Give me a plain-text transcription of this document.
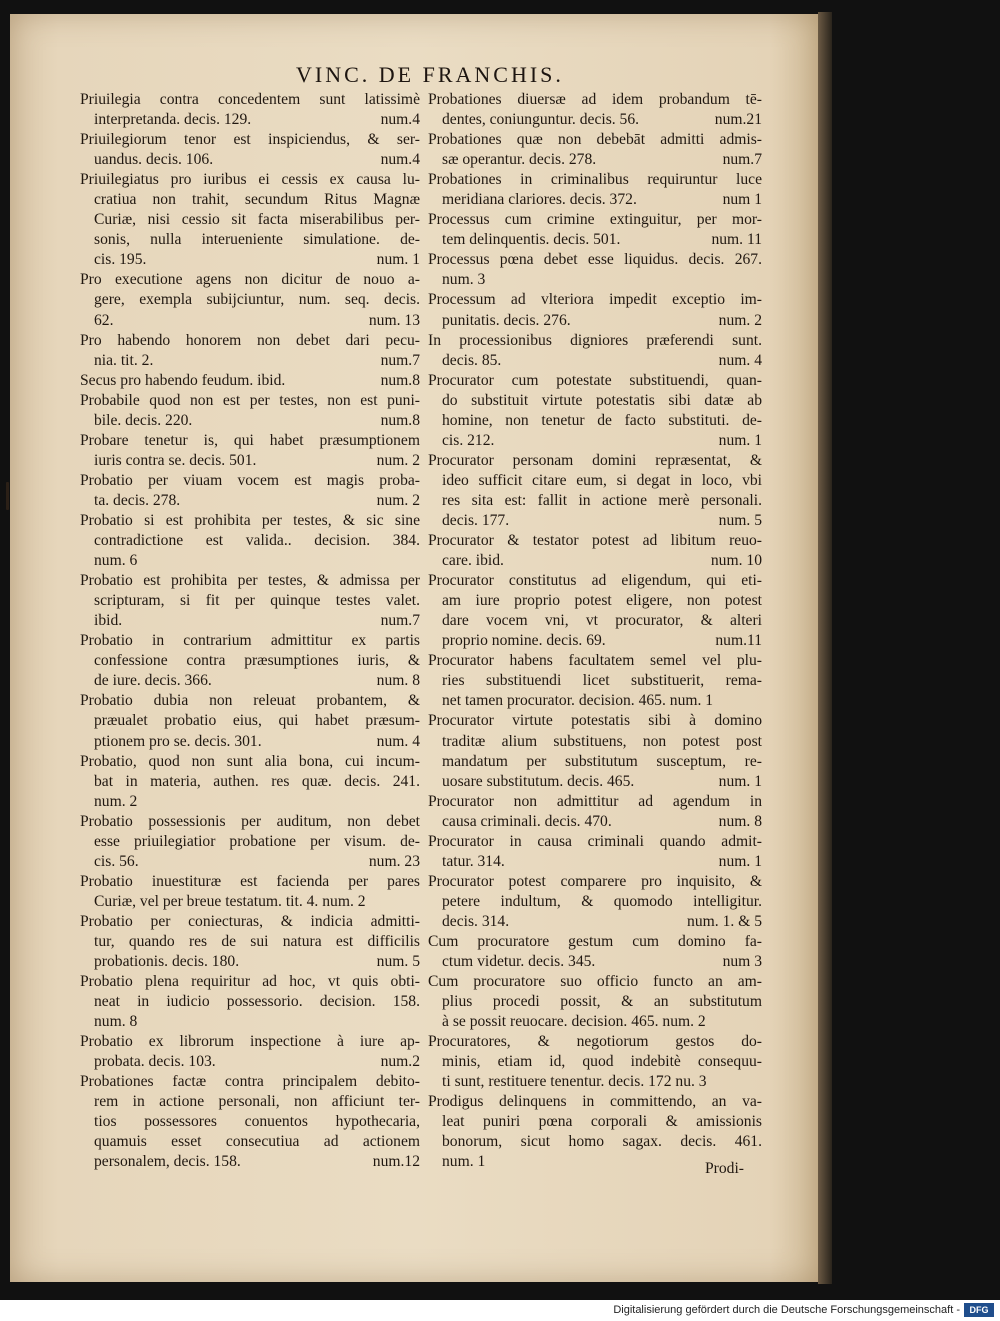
VINC. DE FRANCHIS.
Priuilegia contra concedentem sunt latissimè
interpretanda. decis. 129.	num.4
Priuilegiorum tenor est inspiciendus, & ser-
uandus. decis. 106.	num.4
Priuilegiatus pro iuribus ei cessis ex causa lu-
cratiua non trahit, secundum Ritus Magnæ
Curiæ, nisi cessio sit facta miserabilibus per-
sonis, nulla interueniente simulatione. de-
cis. 195.	num. 1
Pro executione agens non dicitur de nouo a-
gere, exempla subijciuntur, num. seq. decis.
62.	num. 13
Pro habendo honorem non debet dari pecu-
nia. tit. 2.	num.7
Secus pro habendo feudum. ibid.	num.8
Probabile quod non est per testes, non est puni-
bile. decis. 220.	num.8
Probare tenetur is, qui habet præsumptionem
iuris contra se. decis. 501.	num. 2
Probatio per viuam vocem est magis proba-
ta. decis. 278.	num. 2
Probatio si est prohibita per testes, & sic sine
contradictione est valida.. decision. 384.
num. 6
Probatio est prohibita per testes, & admissa per
scripturam, si fit per quinque testes valet.
ibid.	num.7
Probatio in contrarium admittitur ex partis
confessione contra præsumptiones iuris, &
de iure. decis. 366.	num. 8
Probatio dubia non releuat probantem, &
præualet probatio eius, qui habet præsum-
ptionem pro se. decis. 301.	num. 4
Probatio, quod non sunt alia bona, cui incum-
bat in materia, authen. res quæ. decis. 241.
num. 2
Probatio possessionis per auditum, non debet
esse priuilegiatior probatione per visum. de-
cis. 56.	num. 23
Probatio inuestituræ est facienda per pares
Curiæ, vel per breue testatum. tit. 4. num. 2
Probatio per coniecturas, & indicia admitti-
tur, quando res de sui natura est difficilis
probationis. decis. 180.	num. 5
Probatio plena requiritur ad hoc, vt quis obti-
neat in iudicio possessorio. decision. 158.
num. 8
Probatio ex librorum inspectione à iure ap-
probata. decis. 103.	num.2
Probationes factæ contra principalem debito-
rem in actione personali, non afficiunt ter-
tios possessores conuentos hypothecaria,
quamuis esset consecutiua ad actionem
personalem, decis. 158.	num.12
Probationes diuersæ ad idem probandum tē-
dentes, coniunguntur. decis. 56.	num.21
Probationes quæ non debebāt admitti admis-
sæ operantur. decis. 278.	num.7
Probationes in criminalibus requiruntur luce
meridiana clariores. decis. 372.	num 1
Processus cum crimine extinguitur, per mor-
tem delinquentis. decis. 501.	num. 11
Processus pœna debet esse liquidus. decis. 267.
num. 3
Processum ad vlteriora impedit exceptio im-
punitatis. decis. 276.	num. 2
In processionibus digniores præferendi sunt.
decis. 85.	num. 4
Procurator cum potestate substituendi, quan-
do substituit virtute potestatis sibi datæ ab
homine, non tenetur de facto substituti. de-
cis. 212.	num. 1
Procurator personam domini repræsentat, &
ideo sufficit citare eum, si degat in loco, vbi
res sita est: fallit in actione merè personali.
decis. 177.	num. 5
Procurator & testator potest ad libitum reuo-
care. ibid.	num. 10
Procurator constitutus ad eligendum, qui eti-
am iure proprio potest eligere, non potest
dare vocem vni, vt procurator, & alteri
proprio nomine. decis. 69.	num.11
Procurator habens facultatem semel vel plu-
ries substituendi licet substituerit, rema-
net tamen procurator. decision. 465. num. 1
Procurator virtute potestatis sibi à domino
traditæ alium substituens, non potest post
mandatum per substitutum susceptum, re-
uosare substitutum. decis. 465.	num. 1
Procurator non admittitur ad agendum in
causa criminali. decis. 470.	num. 8
Procurator in causa criminali quando admit-
tatur. 314.	num. 1
Procurator potest comparere pro inquisito, &
petere indultum, & quomodo intelligitur.
decis. 314.	num. 1. & 5
Cum procuratore gestum cum domino fa-
ctum videtur. decis. 345.	num 3
Cum procuratore suo officio functo an am-
plius procedi possit, & an substitutum
à se possit reuocare. decision. 465. num. 2
Procuratores, & negotiorum gestos do-
minis, etiam id, quod indebitè consequu-
ti sunt, restituere tenentur. decis. 172 nu. 3
Prodigus delinquens in committendo, an va-
leat puniri pœna corporali & amissionis
bonorum, sicut homo sagax. decis. 461.
num. 1	Prodi-
Digitalisierung gefördert durch die Deutsche Forschungsgemeinschaft -	DFG
